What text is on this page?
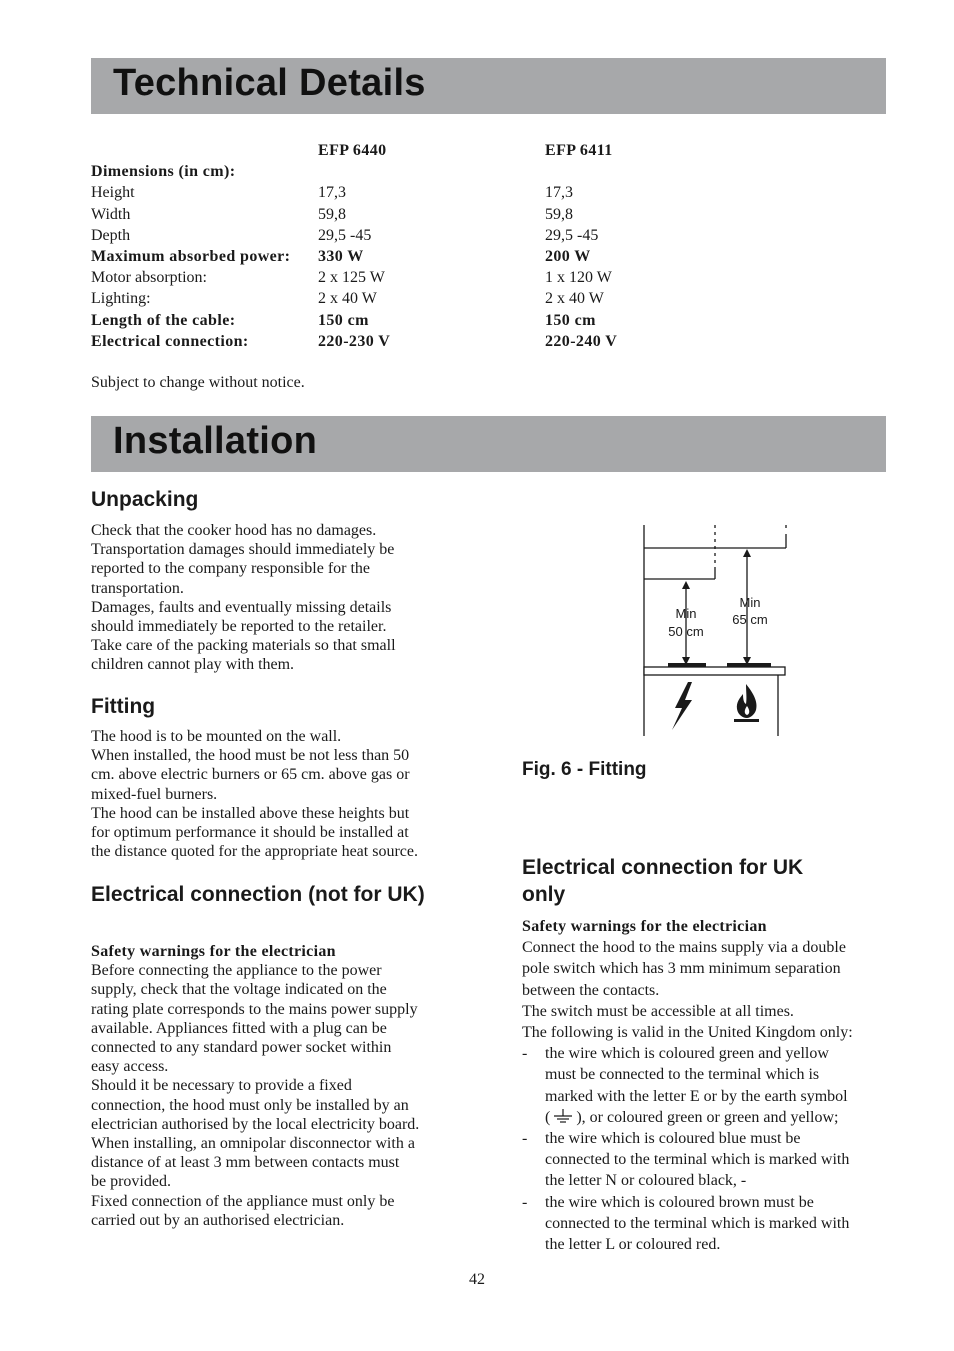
Technical Details
EFP 6440	EFP 6411
Dimensions (in cm):
Height	17,3	17,3
Width	59,8	59,8
Depth	29,5 -45	29,5 -45
Maximum absorbed power: 330 W	200 W
Motor absorption:	2 x 125 W	1 x 120 W
Lighting:	2 x 40 W	2 x 40 W
Length of the cable:	150 cm	150 cm
Electrical connection:	220-230 V	220-240 V
Subject to change without notice.
Installation
Unpacking
Check that the cooker hood has no damages.
Transportation damages should immediately be
reported to the company responsible for the
transportation.
Damages, faults and eventually missing details
should immediately be reported to the retailer.
Take care of the packing materials so that small
children cannot play with them.
Fitting
The hood is to be mounted on the wall.
When installed, the hood must be not less than 50
cm. above electric burners or 65 cm. above gas or
mixed-fuel burners.
The hood can be installed above these heights but
for optimum performance it should be installed at
the distance quoted for the appropriate heat source.
Electrical connection (not for UK)
Safety warnings for the electrician
Before connecting the appliance to the power
supply, check that the voltage indicated on the
rating plate corresponds to the mains power supply
available. Appliances fitted with a plug can be
connected to any standard power socket within
easy access.
Should it be necessary to provide a fixed
connection, the hood must only be installed by an
electrician authorised by the local electricity board.
When installing, an omnipolar disconnector with a
distance of at least 3 mm between contacts must
be provided.
Fixed connection of the appliance must only be
carried out by an authorised electrician.
Min
50 cm
Min
65 cm
Fig. 6 - Fitting
Electrical connection for UK only
Safety warnings for the electrician
Connect the hood to the mains supply via a double
pole switch which has 3 mm minimum separation
between the contacts.
The switch must be accessible at all times.
The following is valid in the United Kingdom only:
- the wire which is coloured green and yellow
must be connected to the terminal which is
marked with the letter E or by the earth symbol
( ), or coloured green or green and yellow;
- the wire which is coloured blue must be
connected to the terminal which is marked with
the letter N or coloured black, -
- the wire which is coloured brown must be
connected to the terminal which is marked with
the letter L or coloured red.
42
